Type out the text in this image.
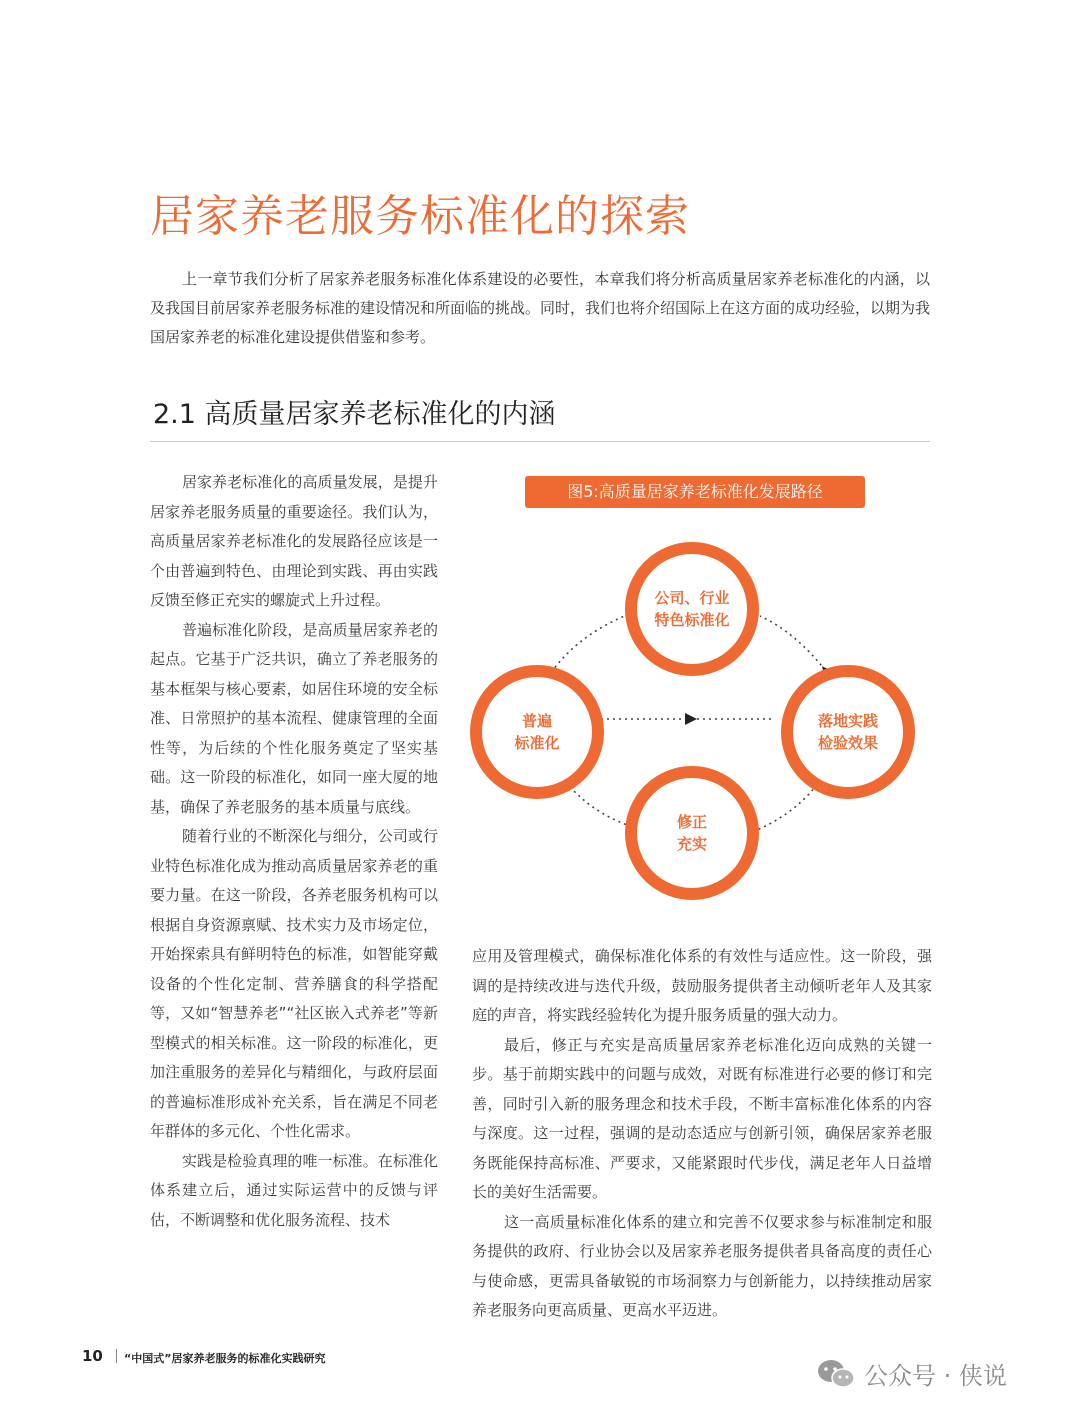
居家养老服务标准化的探索

上一章节我们分析了居家养老服务标准化体系建设的必要性，本章我们将分析高质量居家养老标准化的内涵，以及我国目前居家养老服务标准的建设情况和所面临的挑战。同时，我们也将介绍国际上在这方面的成功经验，以期为我国居家养老的标准化建设提供借鉴和参考。

2.1 高质量居家养老标准化的内涵

居家养老标准化的高质量发展，是提升居家养老服务质量的重要途径。我们认为，高质量居家养老标准化的发展路径应该是一个由普遍到特色、由理论到实践、再由实践反馈至修正充实的螺旋式上升过程。

普遍标准化阶段，是高质量居家养老的起点。它基于广泛共识，确立了养老服务的基本框架与核心要素，如居住环境的安全标准、日常照护的基本流程、健康管理的全面性等，为后续的个性化服务奠定了坚实基础。这一阶段的标准化，如同一座大厦的地基，确保了养老服务的基本质量与底线。

随着行业的不断深化与细分，公司或行业特色标准化成为推动高质量居家养老的重要力量。在这一阶段，各养老服务机构可以根据自身资源禀赋、技术实力及市场定位，开始探索具有鲜明特色的标准，如智能穿戴设备的个性化定制、营养膳食的科学搭配等，又如“智慧养老”“社区嵌入式养老”等新型模式的相关标准。这一阶段的标准化，更加注重服务的差异化与精细化，与政府层面的普遍标准形成补充关系，旨在满足不同老年群体的多元化、个性化需求。

实践是检验真理的唯一标准。在标准化体系建立后，通过实际运营中的反馈与评估，不断调整和优化服务流程、技术

图5:高质量居家养老标准化发展路径
公司、行业
特色标准化
普遍
标准化
落地实践
检验效果
修正
充实

应用及管理模式，确保标准化体系的有效性与适应性。这一阶段，强调的是持续改进与迭代升级，鼓励服务提供者主动倾听老年人及其家庭的声音，将实践经验转化为提升服务质量的强大动力。

最后，修正与充实是高质量居家养老标准化迈向成熟的关键一步。基于前期实践中的问题与成效，对既有标准进行必要的修订和完善，同时引入新的服务理念和技术手段，不断丰富标准化体系的内容与深度。这一过程，强调的是动态适应与创新引领，确保居家养老服务既能保持高标准、严要求，又能紧跟时代步伐，满足老年人日益增长的美好生活需要。

这一高质量标准化体系的建立和完善不仅要求参与标准制定和服务提供的政府、行业协会以及居家养老服务提供者具备高度的责任心与使命感，更需具备敏锐的市场洞察力与创新能力，以持续推动居家养老服务向更高质量、更高水平迈进。

10 “中国式”居家养老服务的标准化实践研究
公众号 · 侠说
